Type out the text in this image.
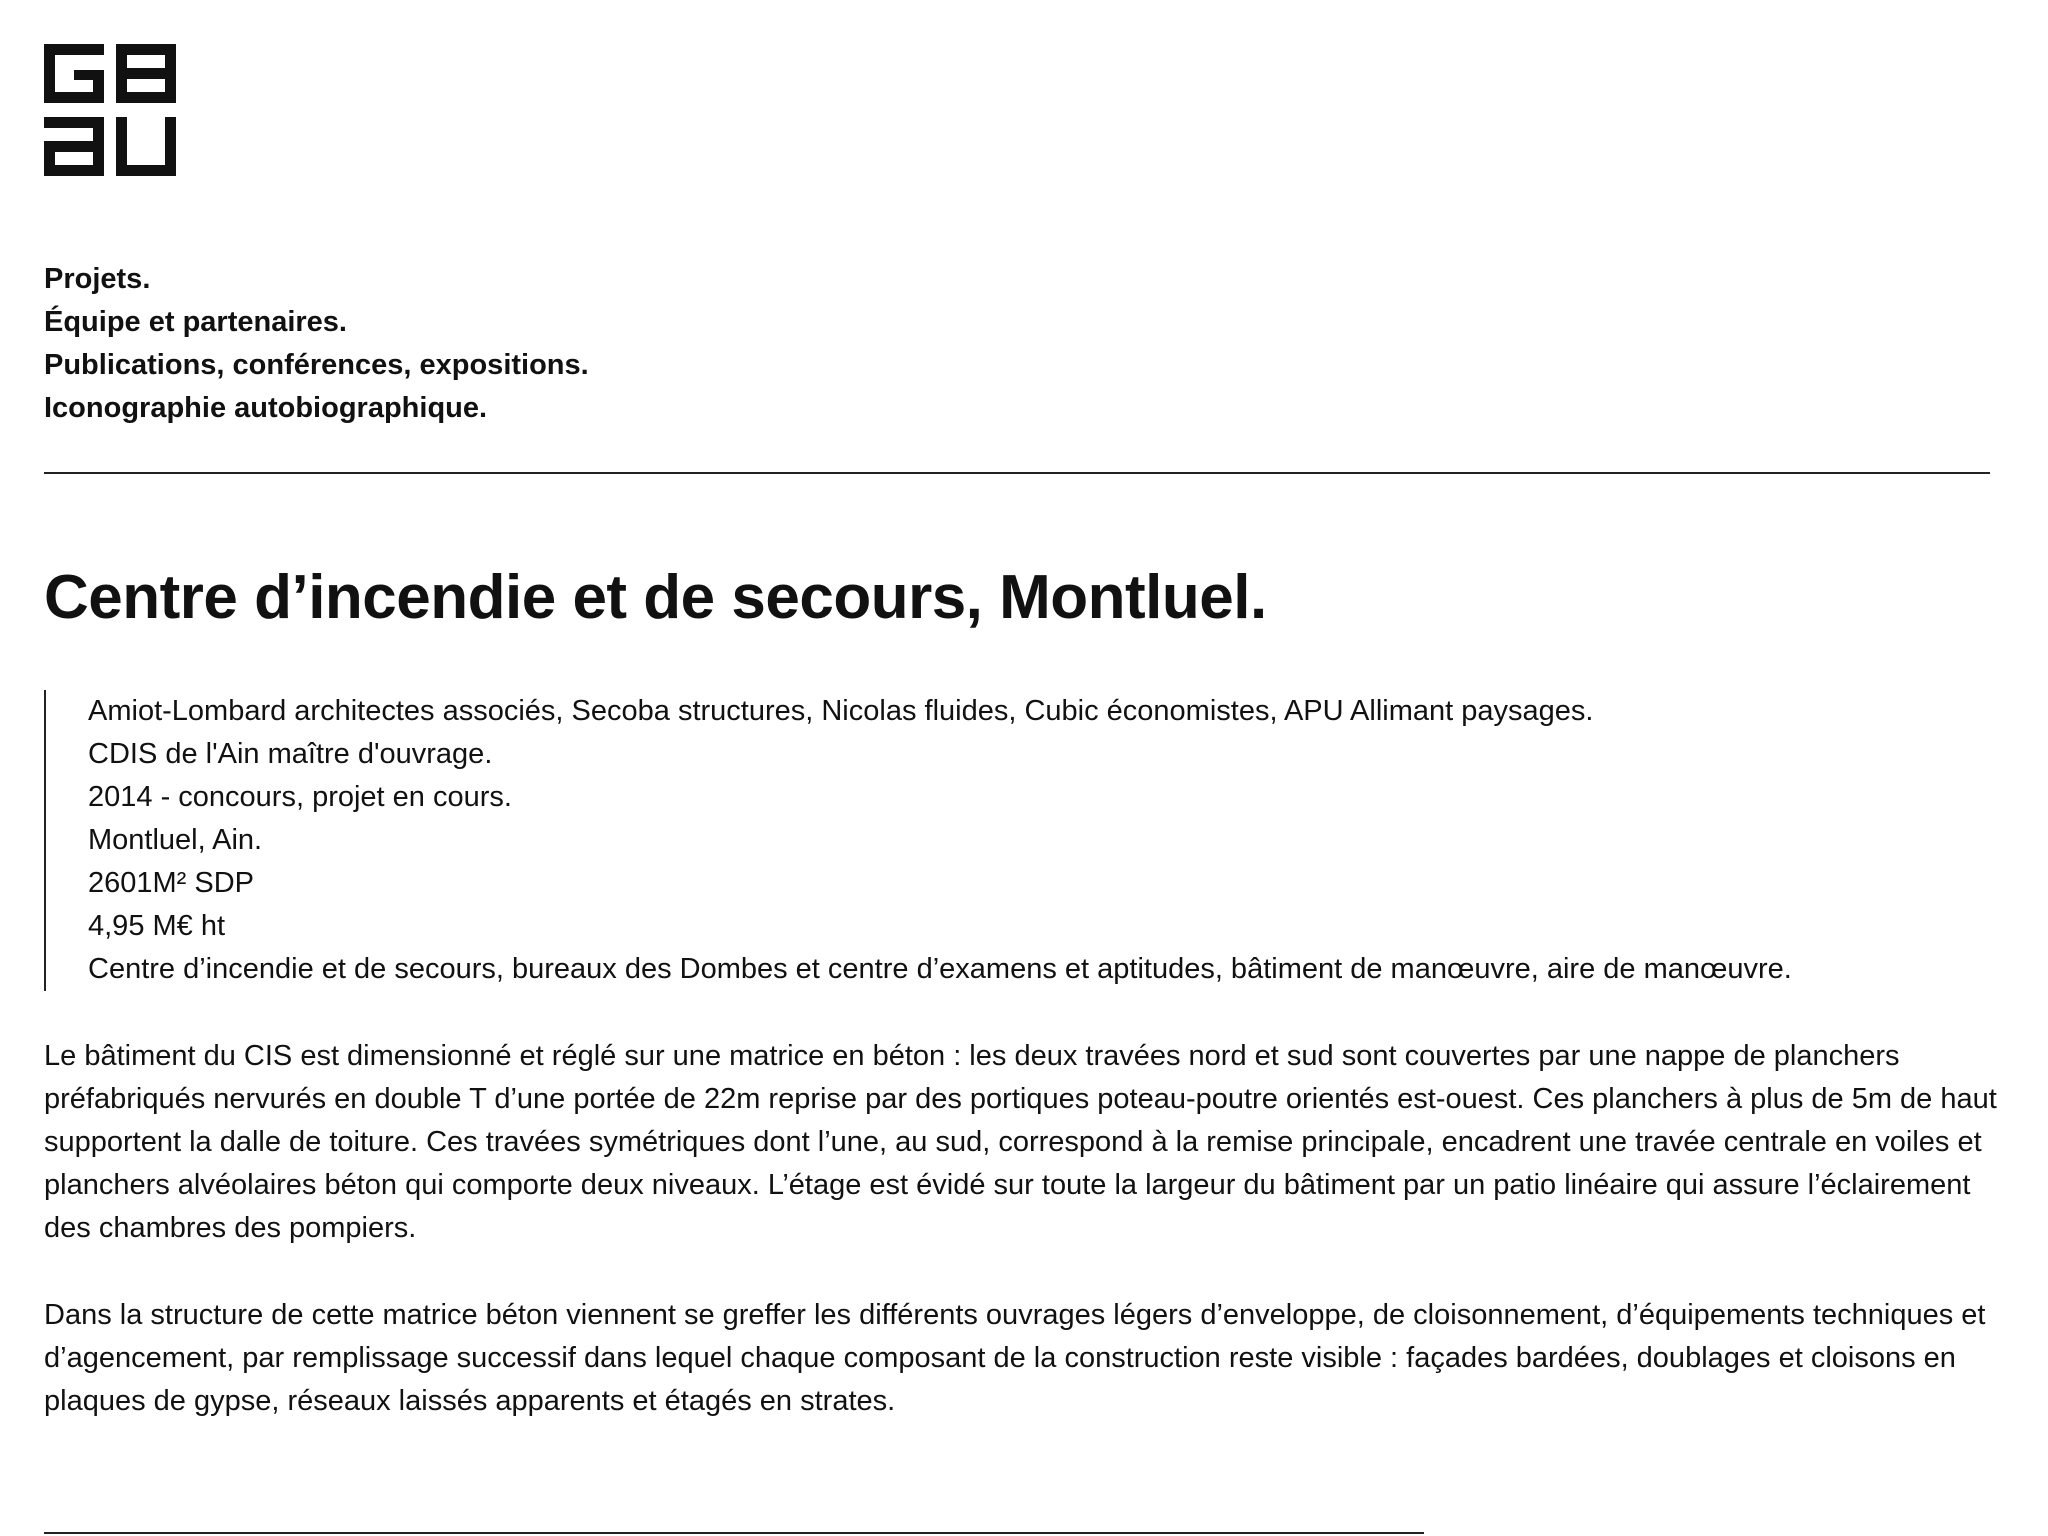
Projets.
Équipe et partenaires.
Publications, conférences, expositions.
Iconographie autobiographique.
Centre d’incendie et de secours, Montluel.
Amiot-Lombard architectes associés, Secoba structures, Nicolas fluides, Cubic économistes, APU Allimant paysages.
CDIS de l'Ain maître d'ouvrage.
2014 - concours, projet en cours.
Montluel, Ain.
2601M² SDP
4,95 M€ ht
Centre d’incendie et de secours, bureaux des Dombes et centre d’examens et aptitudes, bâtiment de manœuvre, aire de manœuvre.

Le bâtiment du CIS est dimensionné et réglé sur une matrice en béton : les deux travées nord et sud sont couvertes par une nappe de planchers préfabriqués nervurés en double T d’une portée de 22m reprise par des portiques poteau-poutre orientés est-ouest. Ces planchers à plus de 5m de haut supportent la dalle de toiture. Ces travées symétriques dont l’une, au sud, correspond à la remise principale, encadrent une travée centrale en voiles et planchers alvéolaires béton qui comporte deux niveaux. L’étage est évidé sur toute la largeur du bâtiment par un patio linéaire qui assure l’éclairement des chambres des pompiers.

Dans la structure de cette matrice béton viennent se greffer les différents ouvrages légers d’enveloppe, de cloisonnement, d’équipements techniques et d’agencement, par remplissage successif dans lequel chaque composant de la construction reste visible : façades bardées, doublages et cloisons en plaques de gypse, réseaux laissés apparents et étagés en strates.
